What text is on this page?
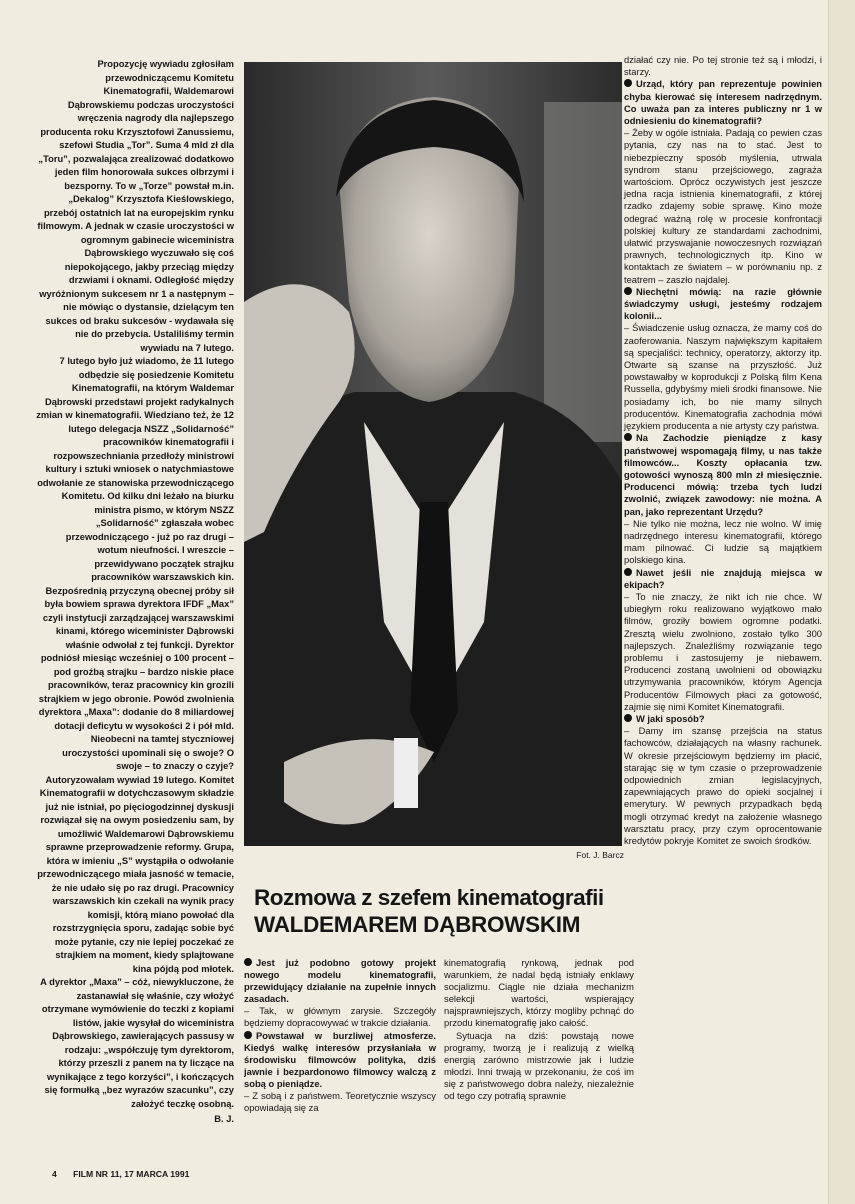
Propozycję wywiadu zgłosiłam przewodniczącemu Komitetu Kinematografii, Waldemarowi Dąbrowskiemu podczas uroczystości wręczenia nagrody dla najlepszego producenta roku Krzysztofowi Zanussiemu, szefowi Studia „Tor”. Suma 4 mld zł dla „Toru”, pozwalająca zrealizować dodatkowo jeden film honorowała sukces olbrzymi i bezsporny. To w „Torze” powstał m.in. „Dekalog” Krzysztofa Kieślowskiego, przebój ostatnich lat na europejskim rynku filmowym. A jednak w czasie uroczystości w ogromnym gabinecie wiceministra Dąbrowskiego wyczuwało się coś niepokojącego, jakby przeciąg między drzwiami i oknami. Odległość między wyróżnionym sukcesem nr 1 a następnym – nie mówiąc o dystansie, dzielącym ten sukces od braku sukcesów - wydawała się nie do przebycia. Ustaliliśmy termin wywiadu na 7 lutego.

7 lutego było już wiadomo, że 11 lutego odbędzie się posiedzenie Komitetu Kinematografii, na którym Waldemar Dąbrowski przedstawi projekt radykalnych zmian w kinematografii. Wiedziano też, że 12 lutego delegacja NSZZ „Solidarność” pracowników kinematografii i rozpowszechniania przedłoży ministrowi kultury i sztuki wniosek o natychmiastowe odwołanie ze stanowiska przewodniczącego Komitetu. Od kilku dni leżało na biurku ministra pismo, w którym NSZZ „Solidarność” zgłaszała wobec przewodniczącego - już po raz drugi – wotum nieufności. I wreszcie – przewidywano początek strajku pracowników warszawskich kin. Bezpośrednią przyczyną obecnej próby sił była bowiem sprawa dyrektora IFDF „Max” czyli instytucji zarządzającej warszawskimi kinami, którego wiceminister Dąbrowski właśnie odwołał z tej funkcji. Dyrektor podniósł miesiąc wcześniej o 100 procent – pod groźbą strajku – bardzo niskie płace pracowników, teraz pracownicy kin grozili strajkiem w jego obronie. Powód zwolnienia dyrektora „Maxa”: dodanie do 8 miliardowej dotacji deficytu w wysokości 2 i pół mld. Nieobecni na tamtej styczniowej uroczystości upominali się o swoje? O swoje – to znaczy o czyje?

Autoryzowałam wywiad 19 lutego. Komitet Kinematografii w dotychczasowym składzie już nie istniał, po pięciogodzinnej dyskusji rozwiązał się na owym posiedzeniu sam, by umożliwić Waldemarowi Dąbrowskiemu sprawne przeprowadzenie reformy. Grupa, która w imieniu „S” wystąpiła o odwołanie przewodniczącego miała jasność w temacie, że nie udało się po raz drugi. Pracownicy warszawskich kin czekali na wynik pracy komisji, którą miano powołać dla rozstrzygnięcia sporu, zadając sobie być może pytanie, czy nie lepiej poczekać ze strajkiem na moment, kiedy splajtowane kina pójdą pod młotek.

A dyrektor „Maxa” – cóż, niewykluczone, że zastanawiał się właśnie, czy włożyć otrzymane wymówienie do teczki z kopiami listów, jakie wysyłał do wiceministra Dąbrowskiego, zawierających passusy w rodzaju: „współczuję tym dyrektorom, którzy przeszli z panem na ty liczące na wynikające z tego korzyści”, i kończących się formułką „bez wyrazów szacunku”, czy założyć teczkę osobną.

B. J.

Fot. J. Barcz
Rozmowa z szefem kinematografii
WALDEMAREM DĄBROWSKIM

Jest już podobno gotowy projekt nowego modelu kinematografii, przewidujący działanie na zupełnie innych zasadach.

– Tak, w głównym zarysie. Szczegóły będziemy dopracowywać w trakcie działania.

Powstawał w burzliwej atmosferze. Kiedyś walkę interesów przysłaniała w środowisku filmowców polityka, dziś jawnie i bezpardonowo filmowcy walczą z sobą o pieniądze.

– Z sobą i z państwem. Teoretycznie wszyscy opowiadają się za

kinematografią rynkową, jednak pod warunkiem, że nadal będą istniały enklawy socjalizmu. Ciągle nie działa mechanizm selekcji wartości, wspierający najsprawniejszych, którzy mogliby pchnąć do przodu kinematografię jako całość.

Sytuacja na dziś: powstają nowe programy, tworzą je i realizują z wielką energią zarówno mistrzowie jak i ludzie młodzi. Inni trwają w przekonaniu, że coś im się z państwowego dobra należy, niezależnie od tego czy potrafią sprawnie

działać czy nie. Po tej stronie też są i młodzi, i starzy.

Urząd, który pan reprezentuje powinien chyba kierować się interesem nadrzędnym. Co uważa pan za interes publiczny nr 1 w odniesieniu do kinematografii?

– Żeby w ogóle istniała. Padają co pewien czas pytania, czy nas na to stać. Jest to niebezpieczny sposób myślenia, utrwala syndrom stanu przejściowego, zagraża wartościom. Oprócz oczywistych jest jeszcze jedna racja istnienia kinematografii, z której rzadko zdajemy sobie sprawę. Kino może odegrać ważną rolę w procesie konfrontacji polskiej kultury ze standardami zachodnimi, ułatwić przyswajanie nowoczesnych rozwiązań prawnych, technologicznych itp. Kino w kontaktach ze światem – w porównaniu np. z teatrem – zaszło najdalej.

Niechętni mówią: na razie głównie świadczymy usługi, jesteśmy rodzajem kolonii...

– Świadczenie usług oznacza, że mamy coś do zaoferowania. Naszym największym kapitałem są specjaliści: technicy, operatorzy, aktorzy itp. Otwarte są szanse na przyszłość. Już powstawałby w koprodukcji z Polską film Kena Russella, gdybyśmy mieli środki finansowe. Nie posiadamy ich, bo nie mamy silnych producentów. Kinematografia zachodnia mówi językiem producenta a nie artysty czy państwa.

Na Zachodzie pieniądze z kasy państwowej wspomagają filmy, u nas także filmowców... Koszty opłacania tzw. gotowości wynoszą 800 mln zł miesięcznie. Producenci mówią: trzeba tych ludzi zwolnić, związek zawodowy: nie można. A pan, jako reprezentant Urzędu?

– Nie tylko nie można, lecz nie wolno. W imię nadrzędnego interesu kinematografii, którego mam pilnować. Ci ludzie są majątkiem polskiego kina.

Nawet jeśli nie znajdują miejsca w ekipach?

– To nie znaczy, że nikt ich nie chce. W ubiegłym roku realizowano wyjątkowo mało filmów, groziły bowiem ogromne podatki. Zresztą wielu zwolniono, zostało tylko 300 najlepszych. Znaleźliśmy rozwiązanie tego problemu i zastosujemy je niebawem. Producenci zostaną uwolnieni od obowiązku utrzymywania pracowników, którym Agencja Producentów Filmowych płaci za gotowość, zajmie się nimi Komitet Kinematografii.

W jaki sposób?

– Damy im szansę przejścia na status fachowców, działających na własny rachunek. W okresie przejściowym będziemy im płacić, starając się w tym czasie o przeprowadzenie odpowiednich zmian legislacyjnych, zapewniających prawo do opieki socjalnej i emerytury. W pewnych przypadkach będą mogli otrzymać kredyt na założenie własnego warsztatu pracy, przy czym oprocentowanie kredytów pokryje Komitet ze swoich środków.

4 FILM NR 11, 17 MARCA 1991
